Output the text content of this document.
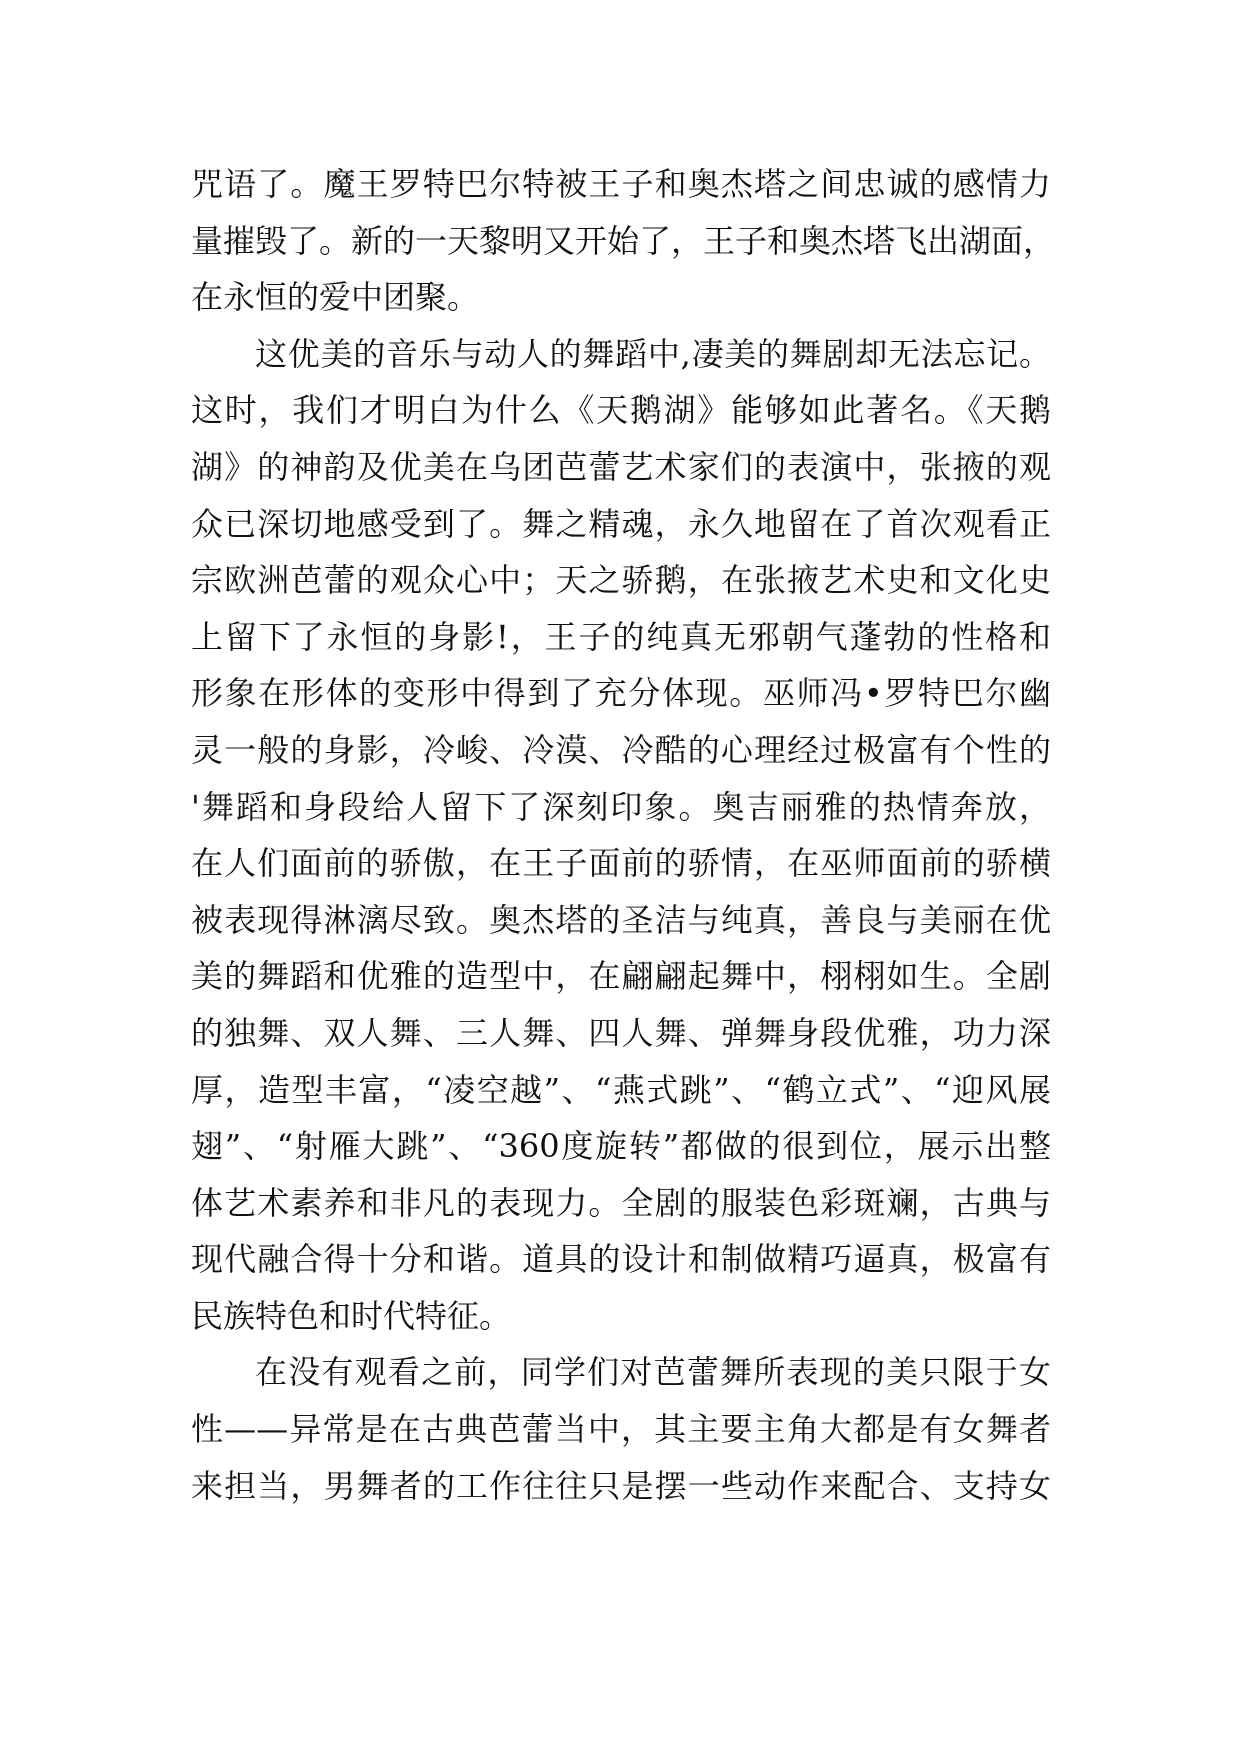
咒语了。魔王罗特巴尔特被王子和奥杰塔之间忠诚的感情力
量摧毁了。新的一天黎明又开始了，王子和奥杰塔飞出湖面，
在永恒的爱中团聚。
这优美的音乐与动人的舞蹈中,凄美的舞剧却无法忘记。
这时，我们才明白为什么《天鹅湖》能够如此著名。《天鹅
湖》的神韵及优美在乌团芭蕾艺术家们的表演中，张掖的观
众已深切地感受到了。舞之精魂，永久地留在了首次观看正
宗欧洲芭蕾的观众心中；天之骄鹅，在张掖艺术史和文化史
上留下了永恒的身影!，王子的纯真无邪朝气蓬勃的性格和
形象在形体的变形中得到了充分体现。巫师冯•罗特巴尔幽
灵一般的身影，冷峻、冷漠、冷酷的心理经过极富有个性的
'舞蹈和身段给人留下了深刻印象。奥吉丽雅的热情奔放，
在人们面前的骄傲，在王子面前的骄情，在巫师面前的骄横
被表现得淋漓尽致。奥杰塔的圣洁与纯真，善良与美丽在优
美的舞蹈和优雅的造型中，在翩翩起舞中，栩栩如生。全剧
的独舞、双人舞、三人舞、四人舞、弹舞身段优雅，功力深
厚，造型丰富，“凌空越”、“燕式跳”、“鹤立式”、“迎风展
翅”、“射雁大跳”、“360度旋转”都做的很到位，展示出整
体艺术素养和非凡的表现力。全剧的服装色彩斑斓，古典与
现代融合得十分和谐。道具的设计和制做精巧逼真，极富有
民族特色和时代特征。
在没有观看之前，同学们对芭蕾舞所表现的美只限于女
性——异常是在古典芭蕾当中，其主要主角大都是有女舞者
来担当，男舞者的工作往往只是摆一些动作来配合、支持女
